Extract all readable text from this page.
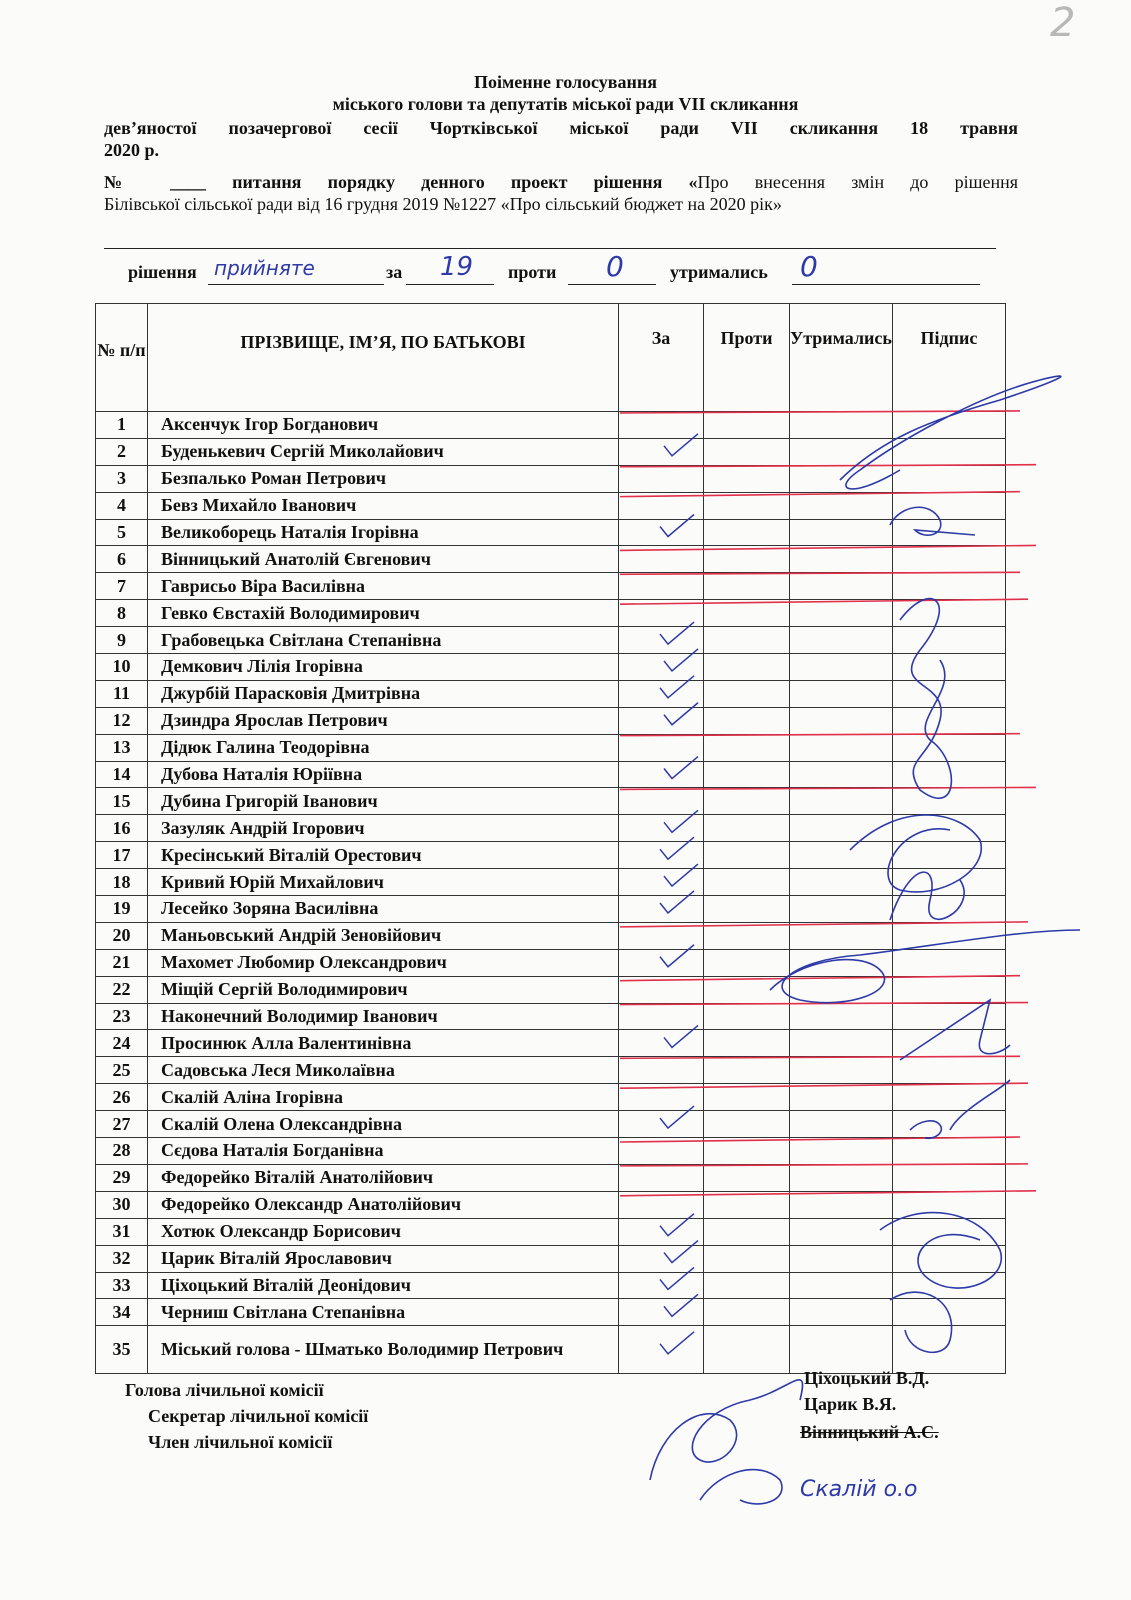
2
Поіменне голосування
міського голови та депутатів міської ради VII скликання
дев’яностої позачергової сесії Чортківської міської ради VII скликання 18 травня
2020 р.
№ ____ питання порядку денного проект рішення «Про внесення змін до рішення
Білівської сільської ради від 16 грудня 2019 №1227 «Про сільський бюджет на 2020 рік»
рішення прийняте	за 19 проти 0	утримались 0
№ п/п	ПРІЗВИЩЕ, ІМ’Я, ПО БАТЬКОВІ	За	Проти	Утримались	Підпис
1	Аксенчук Ігор Богданович				
2	Буденькевич Сергій Миколайович				
3	Безпалько Роман Петрович				
4	Бевз Михайло Іванович				
5	Великоборець Наталія Ігорівна				
6	Вінницький Анатолій Євгенович				
7	Гаврисьо Віра Василівна				
8	Гевко Євстахій Володимирович				
9	Грабовецька Світлана Степанівна				
10	Демкович Лілія Ігорівна				
11	Джурбій Парасковія Дмитрівна				
12	Дзиндра Ярослав Петрович				
13	Дідюк Галина Теодорівна				
14	Дубова Наталія Юріївна				
15	Дубина Григорій Іванович				
16	Зазуляк Андрій Ігорович				
17	Кресінський Віталій Орестович				
18	Кривий Юрій Михайлович				
19	Лесейко Зоряна Василівна				
20	Маньовський Андрій Зеновійович				
21	Махомет Любомир Олександрович				
22	Міщій Сергій Володимирович				
23	Наконечний Володимир Іванович				
24	Просинюк Алла Валентинівна				
25	Садовська Леся Миколаївна				
26	Скалій Аліна Ігорівна				
27	Скалій Олена Олександрівна				
28	Сєдова Наталія Богданівна				
29	Федорейко Віталій Анатолійович				
30	Федорейко Олександр Анатолійович				
31	Хотюк Олександр Борисович				
32	Царик Віталій Ярославович				
33	Ціхоцький Віталій Деонідович				
34	Черниш Світлана Степанівна				
35	Міський голова - Шматько Володимир Петрович				
Скалій о.о
Голова лічильної комісії
Секретар лічильної комісії
Член лічильної комісії
Ціхоцький В.Д.
Царик В.Я.
Вінницький А.С.
